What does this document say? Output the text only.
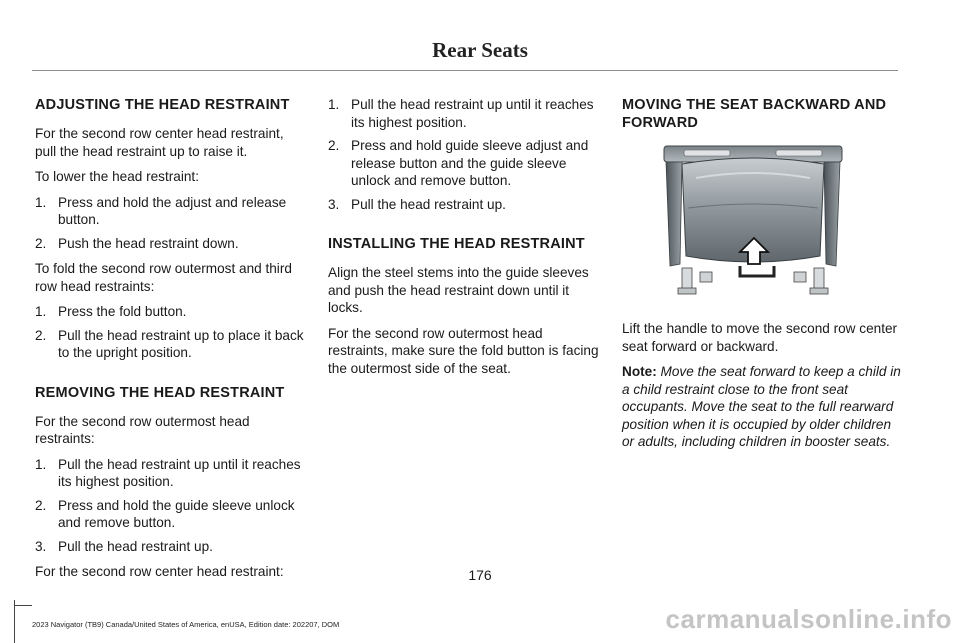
Rear Seats
ADJUSTING THE HEAD RESTRAINT

For the second row center head restraint, pull the head restraint up to raise it.

To lower the head restraint:

1. Press and hold the adjust and release button.
2. Push the head restraint down.

To fold the second row outermost and third row head restraints:

1. Press the fold button.
2. Pull the head restraint up to place it back to the upright position.
REMOVING THE HEAD RESTRAINT

For the second row outermost head restraints:

1. Pull the head restraint up until it reaches its highest position.
2. Press and hold the guide sleeve unlock and remove button.
3. Pull the head restraint up.

For the second row center head restraint:

1. Pull the head restraint up until it reaches its highest position.
2. Press and hold guide sleeve adjust and release button and the guide sleeve unlock and remove button.
3. Pull the head restraint up.
INSTALLING THE HEAD RESTRAINT

Align the steel stems into the guide sleeves and push the head restraint down until it locks.

For the second row outermost head restraints, make sure the fold button is facing the outermost side of the seat.

MOVING THE SEAT BACKWARD AND FORWARD

Lift the handle to move the second row center seat forward or backward.

Note: Move the seat forward to keep a child in a child restraint close to the front seat occupants. Move the seat to the full rearward position when it is occupied by older children or adults, including children in booster seats.

176
2023 Navigator (TB9) Canada/United States of America, enUSA, Edition date: 202207, DOM	carmanualsonline.info
